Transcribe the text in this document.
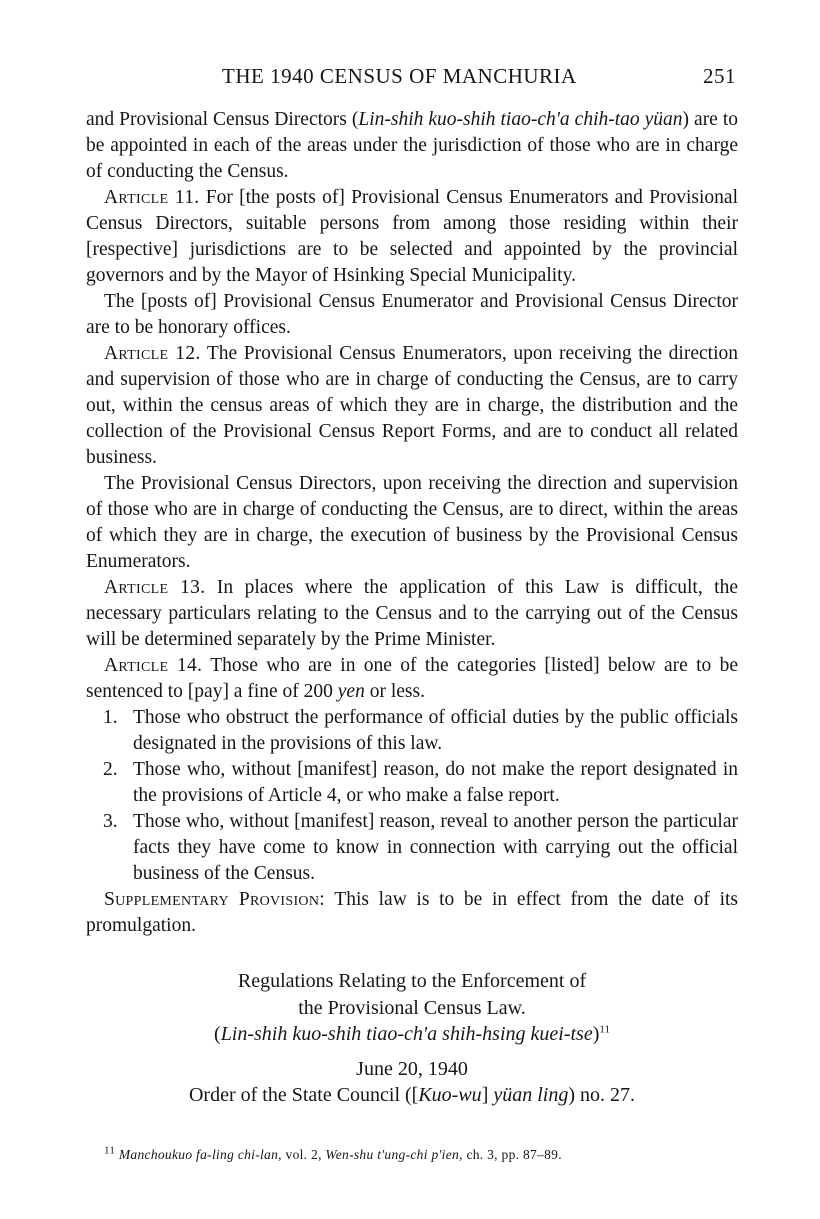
THE 1940 CENSUS OF MANCHURIA	251

and Provisional Census Directors (Lin-shih kuo-shih tiao-ch'a chih-tao yüan) are to be appointed in each of the areas under the jurisdiction of those who are in charge of conducting the Census.

Article 11. For [the posts of] Provisional Census Enumerators and Provisional Census Directors, suitable persons from among those residing within their [respective] jurisdictions are to be selected and appointed by the provincial governors and by the Mayor of Hsinking Special Municipality.

The [posts of] Provisional Census Enumerator and Provisional Census Director are to be honorary offices.

Article 12. The Provisional Census Enumerators, upon receiving the direction and supervision of those who are in charge of conducting the Census, are to carry out, within the census areas of which they are in charge, the distribution and the collection of the Provisional Census Report Forms, and are to conduct all related business.

The Provisional Census Directors, upon receiving the direction and supervision of those who are in charge of conducting the Census, are to direct, within the areas of which they are in charge, the execution of business by the Provisional Census Enumerators.

Article 13. In places where the application of this Law is difficult, the necessary particulars relating to the Census and to the carrying out of the Census will be determined separately by the Prime Minister.

Article 14. Those who are in one of the categories [listed] below are to be sentenced to [pay] a fine of 200 yen or less.

1. Those who obstruct the performance of official duties by the public officials designated in the provisions of this law.
2. Those who, without [manifest] reason, do not make the report designated in the provisions of Article 4, or who make a false report.
3. Those who, without [manifest] reason, reveal to another person the particular facts they have come to know in connection with carrying out the official business of the Census.

Supplementary Provision: This law is to be in effect from the date of its promulgation.

Regulations Relating to the Enforcement of
the Provisional Census Law.
(Lin-shih kuo-shih tiao-ch'a shih-hsing kuei-tse)$^{11}$
June 20, 1940
Order of the State Council ([Kuo-wu] yüan ling) no. 27.
$^{11}$ Manchoukuo fa-ling chi-lan, vol. 2, Wen-shu t'ung-chi p'ien, ch. 3, pp. 87–89.
